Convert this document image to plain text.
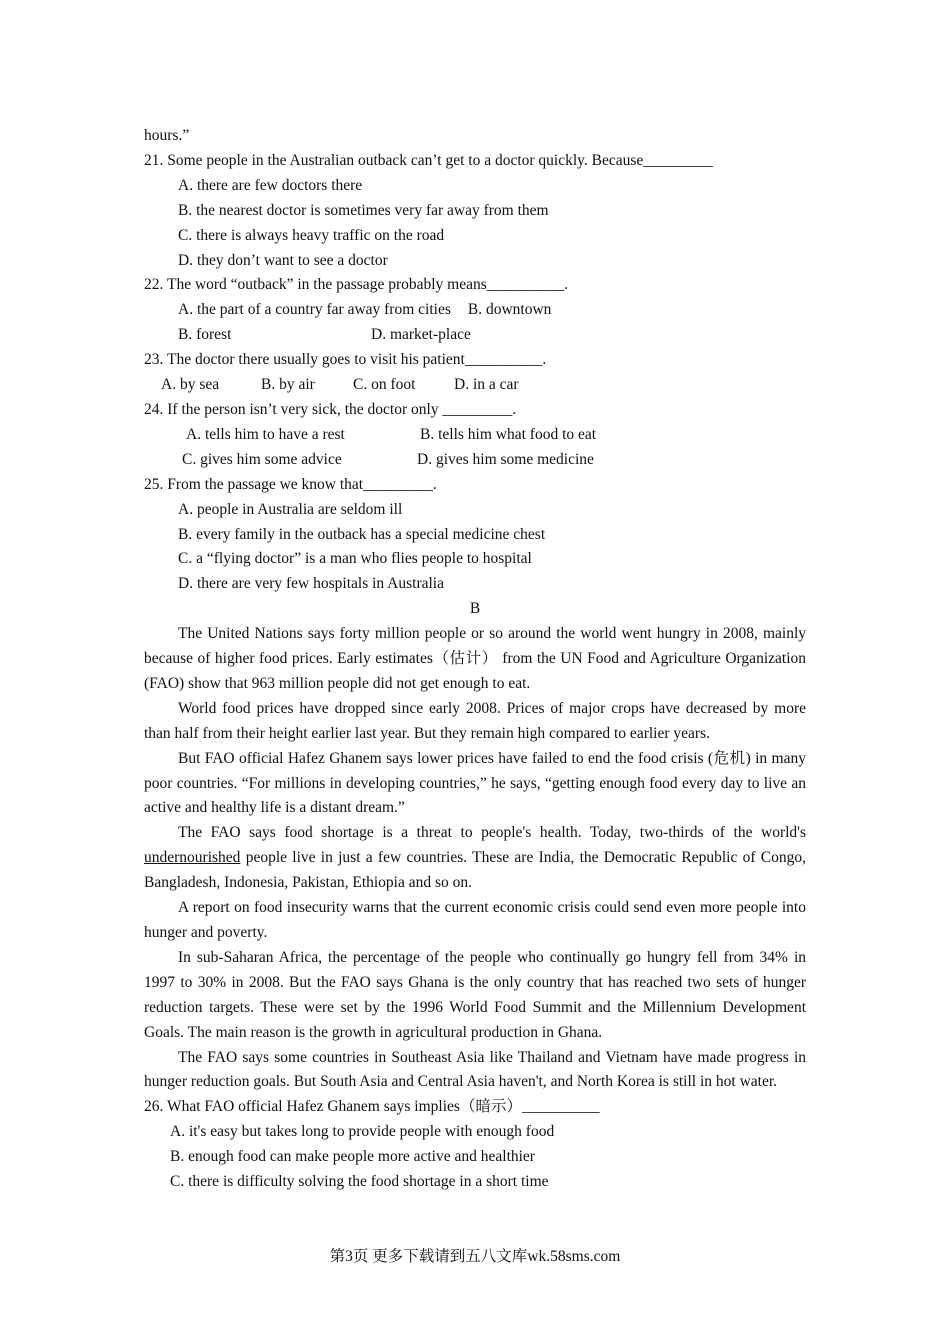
hours.”
21. Some people in the Australian outback can’t get to a doctor quickly. Because_________
A. there are few doctors there
B. the nearest doctor is sometimes very far away from them
C. there is always heavy traffic on the road
D. they don’t want to see a doctor
22. The word “outback” in the passage probably means__________.
A. the part of a country far away from cities B. downtown
B. forest	D. market-place
23. The doctor there usually goes to visit his patient__________.
A. by sea	B. by air C. on foot D. in a car
24. If the person isn’t very sick, the doctor only _________.
A. tells him to have a rest	B. tells him what food to eat
C. gives him some advice	D. gives him some medicine
25. From the passage we know that_________.
A. people in Australia are seldom ill
B. every family in the outback has a special medicine chest
C. a “flying doctor” is a man who flies people to hospital
D. there are very few hospitals in Australia
B

The United Nations says forty million people or so around the world went hungry in 2008, mainly because of higher food prices. Early estimates（估计） from the UN Food and Agriculture Organization (FAO) show that 963 million people did not get enough to eat.

World food prices have dropped since early 2008. Prices of major crops have decreased by more than half from their height earlier last year. But they remain high compared to earlier years.

But FAO official Hafez Ghanem says lower prices have failed to end the food crisis (危机) in many poor countries. “For millions in developing countries,” he says, “getting enough food every day to live an active and healthy life is a distant dream.”

The FAO says food shortage is a threat to people's health. Today, two-thirds of the world's undernourished people live in just a few countries. These are India, the Democratic Republic of Congo, Bangladesh, Indonesia, Pakistan, Ethiopia and so on.

A report on food insecurity warns that the current economic crisis could send even more people into hunger and poverty.

In sub-Saharan Africa, the percentage of the people who continually go hungry fell from 34% in 1997 to 30% in 2008. But the FAO says Ghana is the only country that has reached two sets of hunger reduction targets. These were set by the 1996 World Food Summit and the Millennium Development Goals. The main reason is the growth in agricultural production in Ghana.

The FAO says some countries in Southeast Asia like Thailand and Vietnam have made progress in hunger reduction goals. But South Asia and Central Asia haven't, and North Korea is still in hot water.

26. What FAO official Hafez Ghanem says implies（暗示）__________
A. it's easy but takes long to provide people with enough food
B. enough food can make people more active and healthier
C. there is difficulty solving the food shortage in a short time
第3页 更多下载请到五八文库wk.58sms.com
